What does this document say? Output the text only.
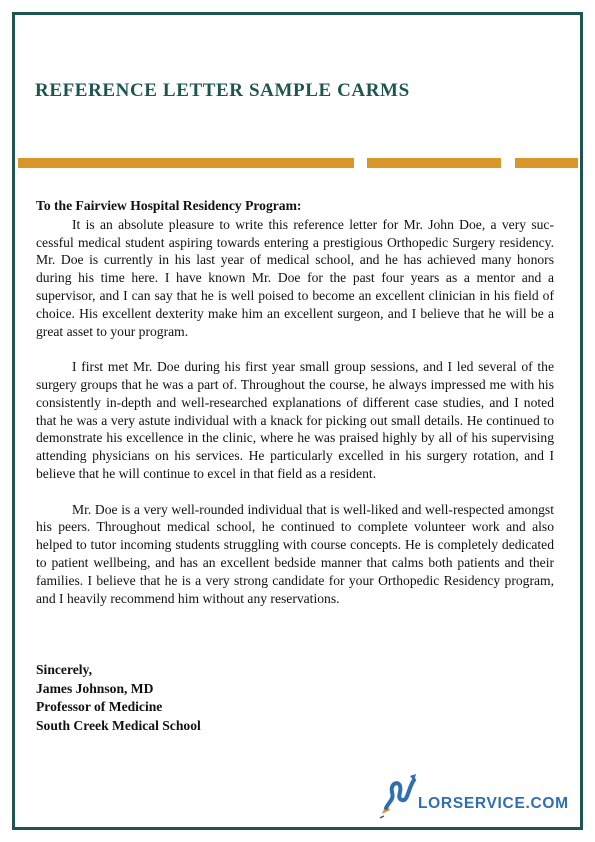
REFERENCE LETTER SAMPLE CARMS

To the Fairview Hospital Residency Program:

It is an absolute pleasure to write this reference letter for Mr. John Doe, a very successful medical student aspiring towards entering a prestigious Orthopedic Surgery residency. Mr. Doe is currently in his last year of medical school, and he has achieved many honors during his time here. I have known Mr. Doe for the past four years as a mentor and a supervisor, and I can say that he is well poised to become an excellent clinician in his field of choice. His excellent dexterity make him an excellent surgeon, and I believe that he will be a great asset to your program.

I first met Mr. Doe during his first year small group sessions, and I led several of the surgery groups that he was a part of. Throughout the course, he always impressed me with his consistently in-depth and well-researched explanations of different case studies, and I noted that he was a very astute individual with a knack for picking out small details. He continued to demonstrate his excellence in the clinic, where he was praised highly by all of his supervising attending physicians on his services. He particularly excelled in his surgery rotation, and I believe that he will continue to excel in that field as a resident.

Mr. Doe is a very well-rounded individual that is well-liked and well-respected amongst his peers. Throughout medical school, he continued to complete volunteer work and also helped to tutor incoming students struggling with course concepts. He is completely dedicated to patient wellbeing, and has an excellent bedside manner that calms both patients and their families. I believe that he is a very strong candidate for your Orthopedic Residency program, and I heavily recommend him without any reservations.

Sincerely,
James Johnson, MD
Professor of Medicine
South Creek Medical School
LORSERVICE.COM
